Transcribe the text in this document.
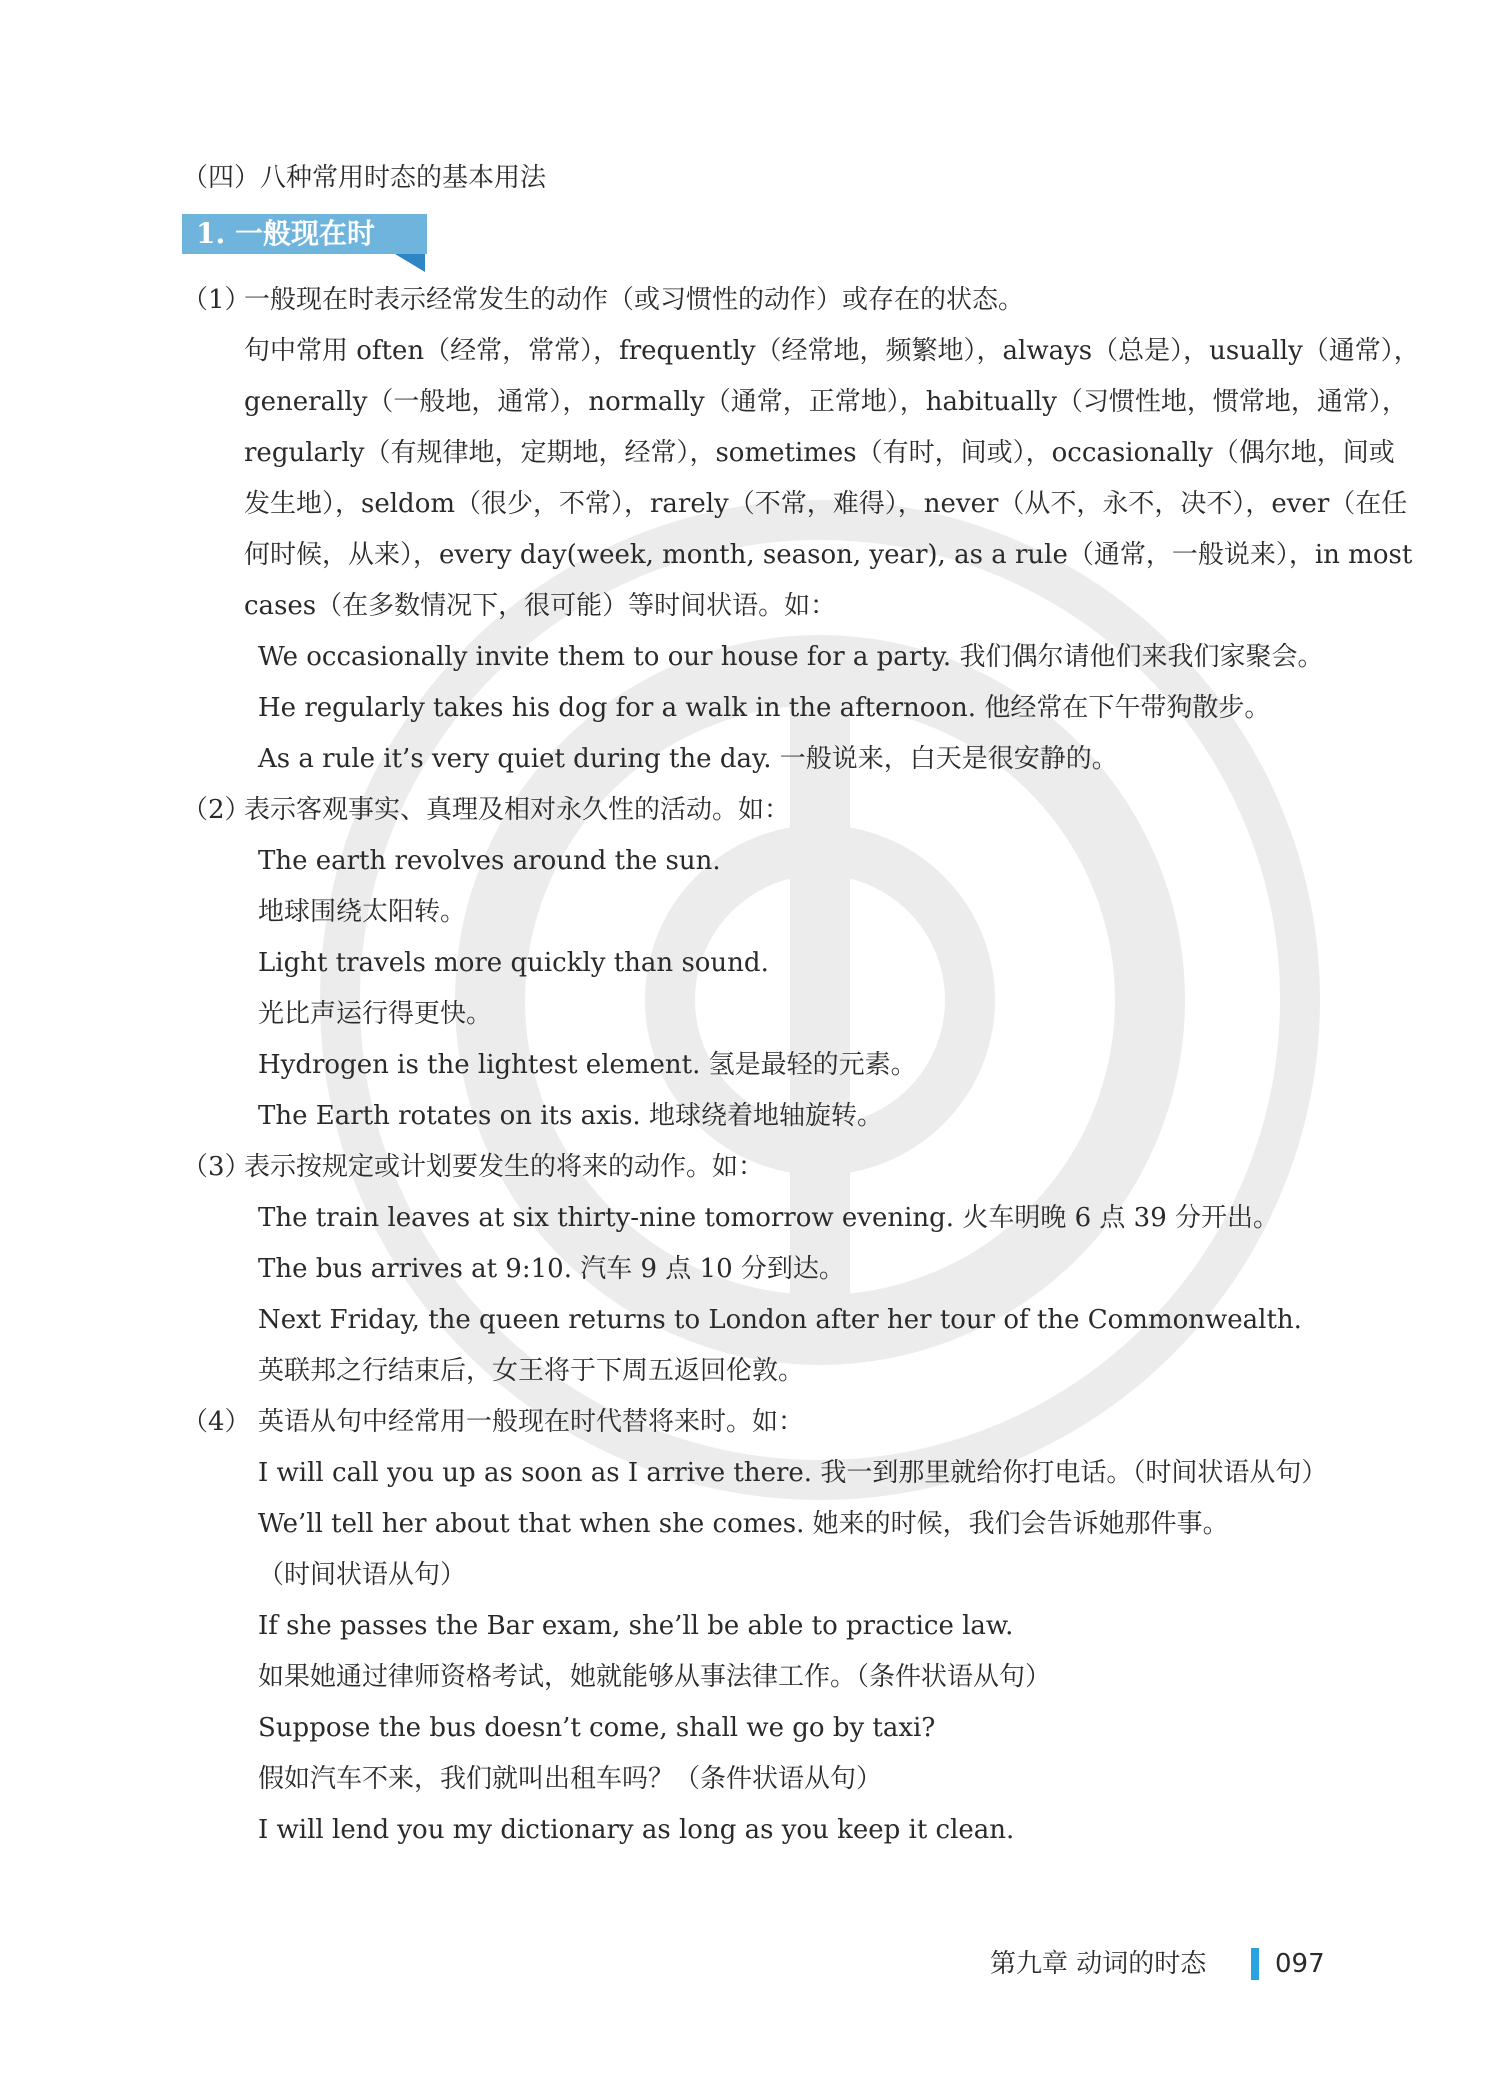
（四）八种常用时态的基本用法
1. 一般现在时
（1）
一般现在时表示经常发生的动作（或习惯性的动作）或存在的状态。
句中常用 often（经常，常常），frequently（经常地，频繁地），always（总是），usually（通常），
generally（一般地，通常），normally（通常，正常地），habitually（习惯性地，惯常地，通常），
regularly（有规律地，定期地，经常），sometimes（有时，间或），occasionally（偶尔地，间或
发生地），seldom（很少，不常），rarely（不常，难得），never（从不，永不，决不），ever（在任
何时候，从来），every day(week, month, season, year), as a rule（通常，一般说来），in most
cases（在多数情况下，很可能）等时间状语。如：
We occasionally invite them to our house for a party. 我们偶尔请他们来我们家聚会。
He regularly takes his dog for a walk in the afternoon. 他经常在下午带狗散步。
As a rule it’s very quiet during the day. 一般说来，白天是很安静的。
（2）
表示客观事实、真理及相对永久性的活动。如：
The earth revolves around the sun.
地球围绕太阳转。
Light travels more quickly than sound.
光比声运行得更快。
Hydrogen is the lightest element. 氢是最轻的元素。
The Earth rotates on its axis. 地球绕着地轴旋转。
（3）
表示按规定或计划要发生的将来的动作。如：
The train leaves at six thirty-nine tomorrow evening. 火车明晚 6 点 39 分开出。
The bus arrives at 9:10. 汽车 9 点 10 分到达。
Next Friday, the queen returns to London after her tour of the Commonwealth.
英联邦之行结束后，女王将于下周五返回伦敦。
（4） 英语从句中经常用一般现在时代替将来时。如：
I will call you up as soon as I arrive there. 我一到那里就给你打电话。（时间状语从句）
We’ll tell her about that when she comes. 她来的时候，我们会告诉她那件事。
（时间状语从句）
If she passes the Bar exam, she’ll be able to practice law.
如果她通过律师资格考试，她就能够从事法律工作。（条件状语从句）
Suppose the bus doesn’t come, shall we go by taxi?
假如汽车不来，我们就叫出租车吗？（条件状语从句）
I will lend you my dictionary as long as you keep it clean.
第九章 动词的时态	097
